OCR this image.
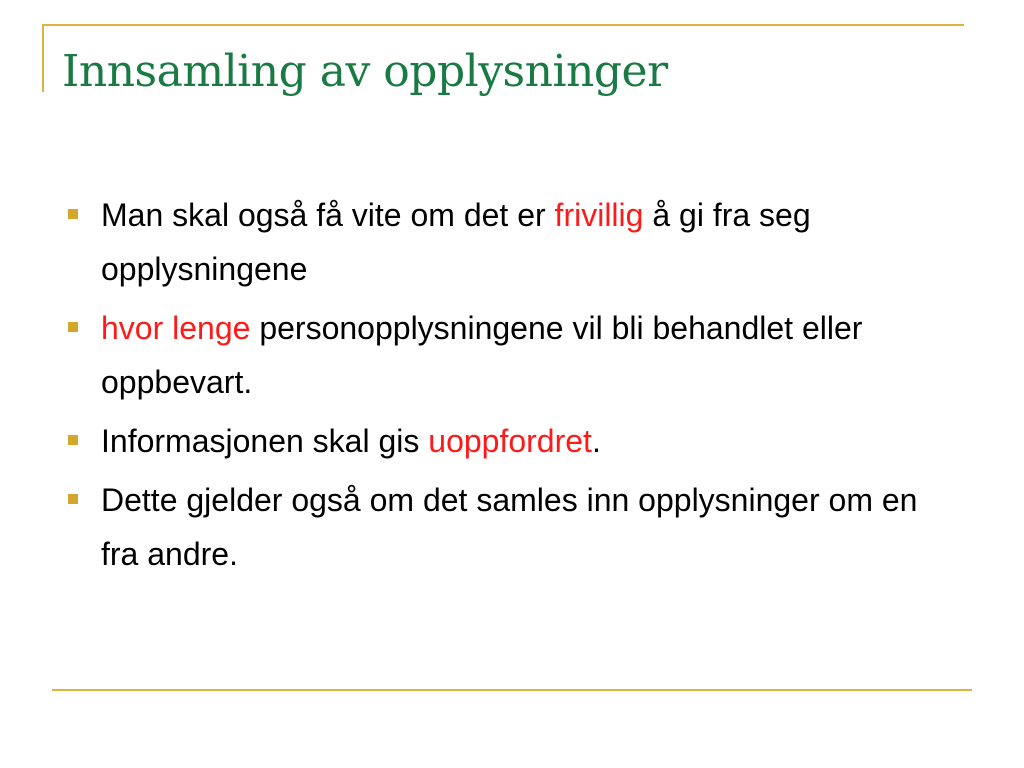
Innsamling av opplysninger
Man skal også få vite om det er frivillig å gi fra seg opplysningene
hvor lenge personopplysningene vil bli behandlet eller oppbevart.
Informasjonen skal gis uoppfordret.
Dette gjelder også om det samles inn opplysninger om en fra andre.
